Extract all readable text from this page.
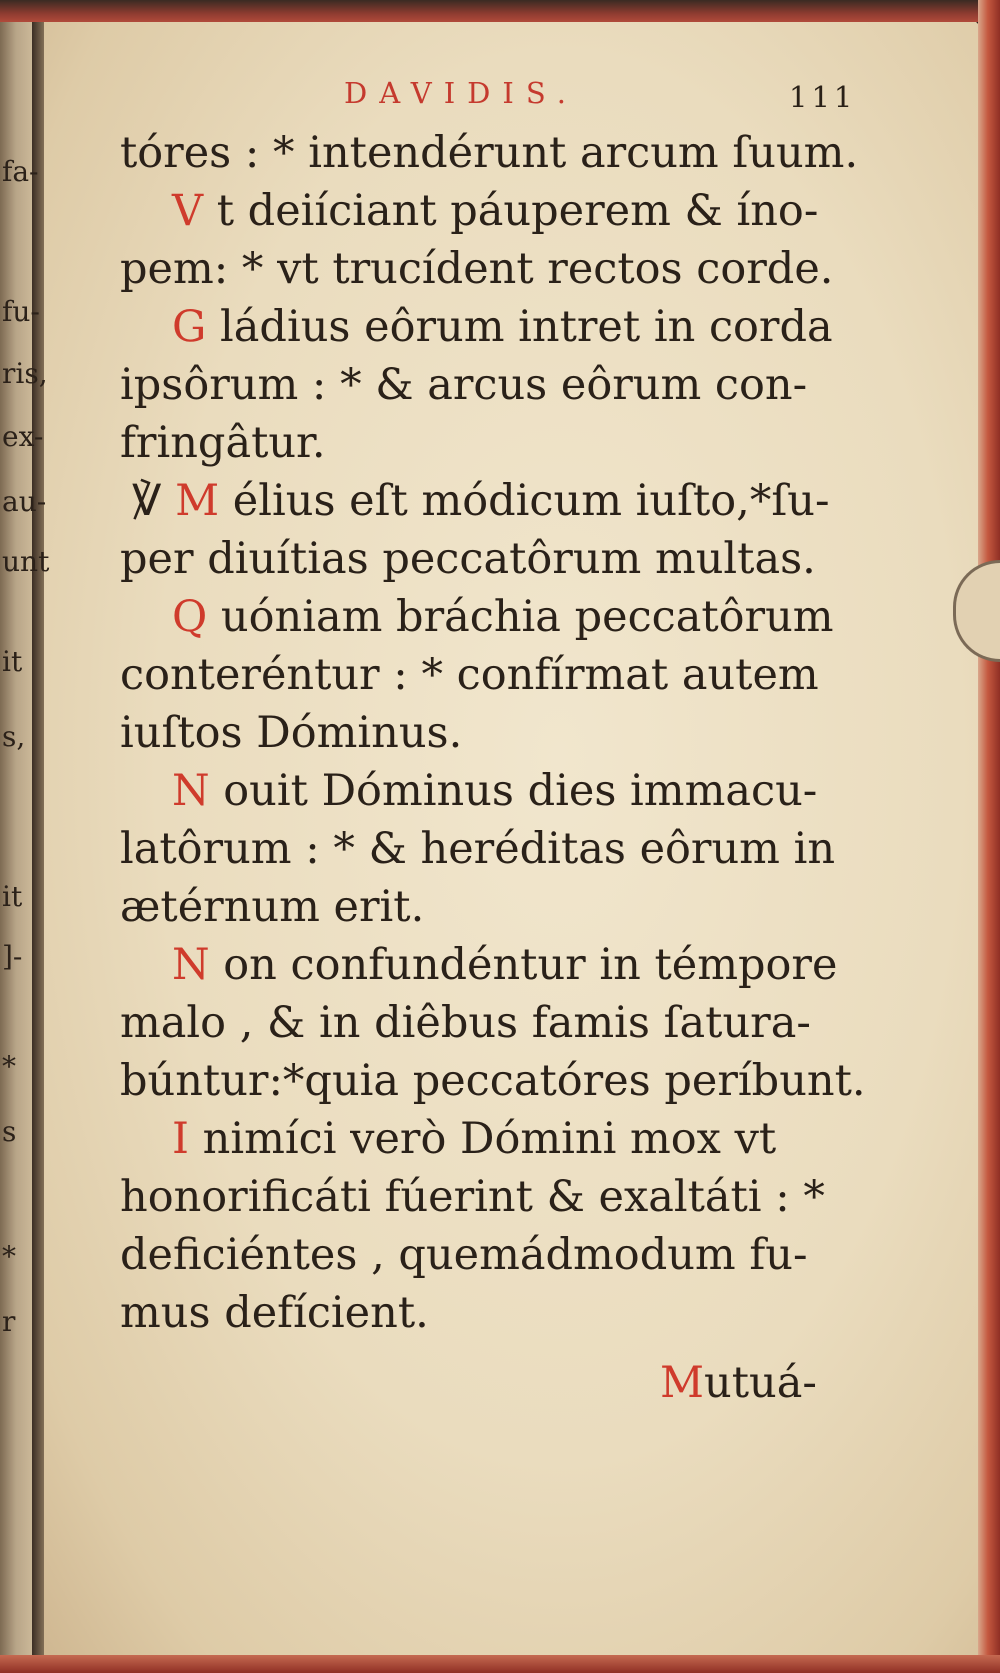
fa-
fu-
ris,
ex-
au-
unt
it
s,
it
]-
*
s
*
r
DAVIDIS.	111
tóres : * intendérunt arcum ſuum.
V t deiíciant páuperem & íno-
pem: * vt trucídent rectos corde.
G ládius eôrum intret in corda
ipsôrum : * & arcus eôrum con-
fringâtur.
℣ M élius eſt módicum iuſto,*ſu-
per diuítias peccatôrum multas.
Q uóniam bráchia peccatôrum
conteréntur : * confírmat autem
iuſtos Dóminus.
N ouit Dóminus dies immacu-
latôrum : * & heréditas eôrum in
ætérnum erit.
N on confundéntur in témpore
malo , & in diêbus famis ſatura-
búntur:*quia peccatóres períbunt.
I nimíci verò Dómini mox vt
honorificáti fúerint & exaltáti : *
deficiéntes , quemádmodum fu-
mus defícient.
Mutuá-
